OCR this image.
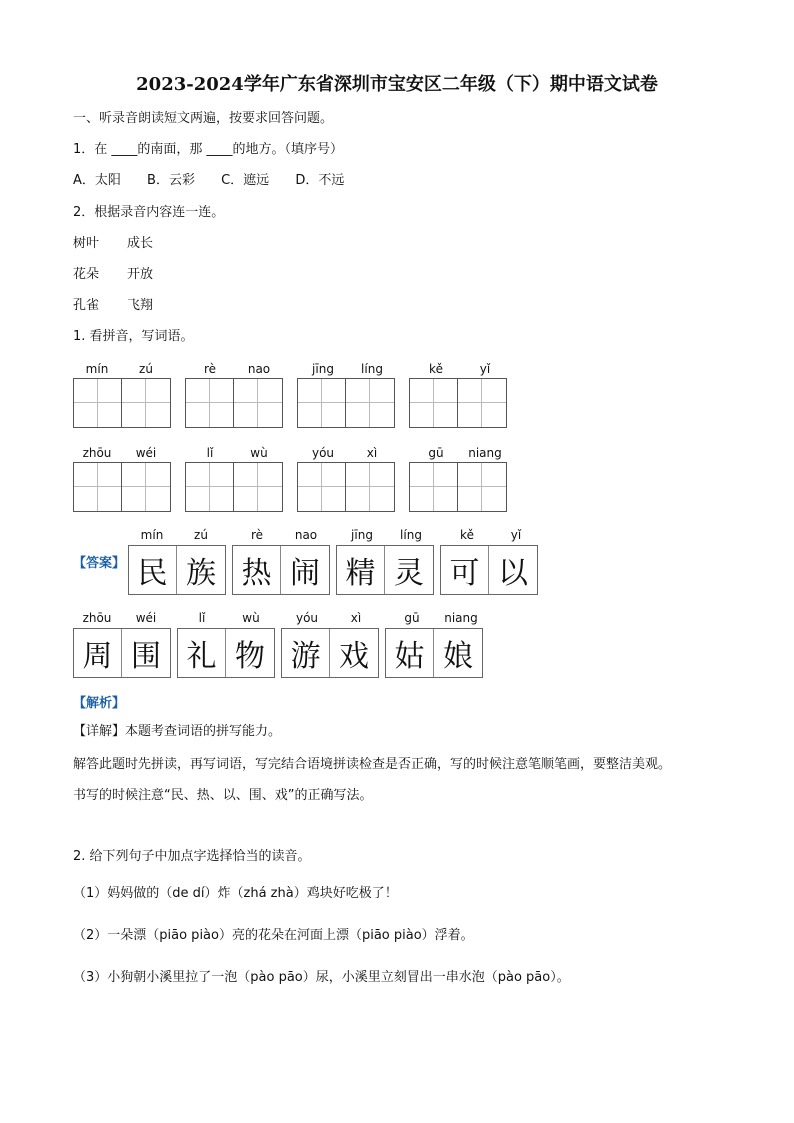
2023-2024学年广东省深圳市宝安区二年级（下）期中语文试卷
一、听录音朗读短文两遍，按要求回答问题。
1．在 ____的南面，那 ____的地方。（填序号）
A．太阳 B．云彩 C．遮远 D．不远
2．根据录音内容连一连。
树叶 成长
花朵 开放
孔雀 飞翔
1. 看拼音，写词语。
mín	zú	rè	nao	jīng	líng	kě	yǐ
zhōu	wéi	lǐ	wù	yóu	xì	gū	niang
【答案】
mín	zú	rè	nao	jīng	líng	kě	yǐ
民 族 热 闹 精 灵 可 以
zhōu	wéi	lǐ	wù	yóu	xì	gū	niang
周 围 礼 物 游 戏 姑 娘
【解析】
【详解】本题考查词语的拼写能力。
解答此题时先拼读，再写词语，写完结合语境拼读检查是否正确，写的时候注意笔顺笔画，要整洁美观。
书写的时候注意“民、热、以、围、戏”的正确写法。
2. 给下列句子中加点字选择恰当的读音。
（1）妈妈做的（de dí）炸（zhá zhà）鸡块好吃极了！
（2）一朵漂（piāo piào）亮的花朵在河面上漂（piāo piào）浮着。
（3）小狗朝小溪里拉了一泡（pào pāo）尿，小溪里立刻冒出一串水泡（pào pāo）。
